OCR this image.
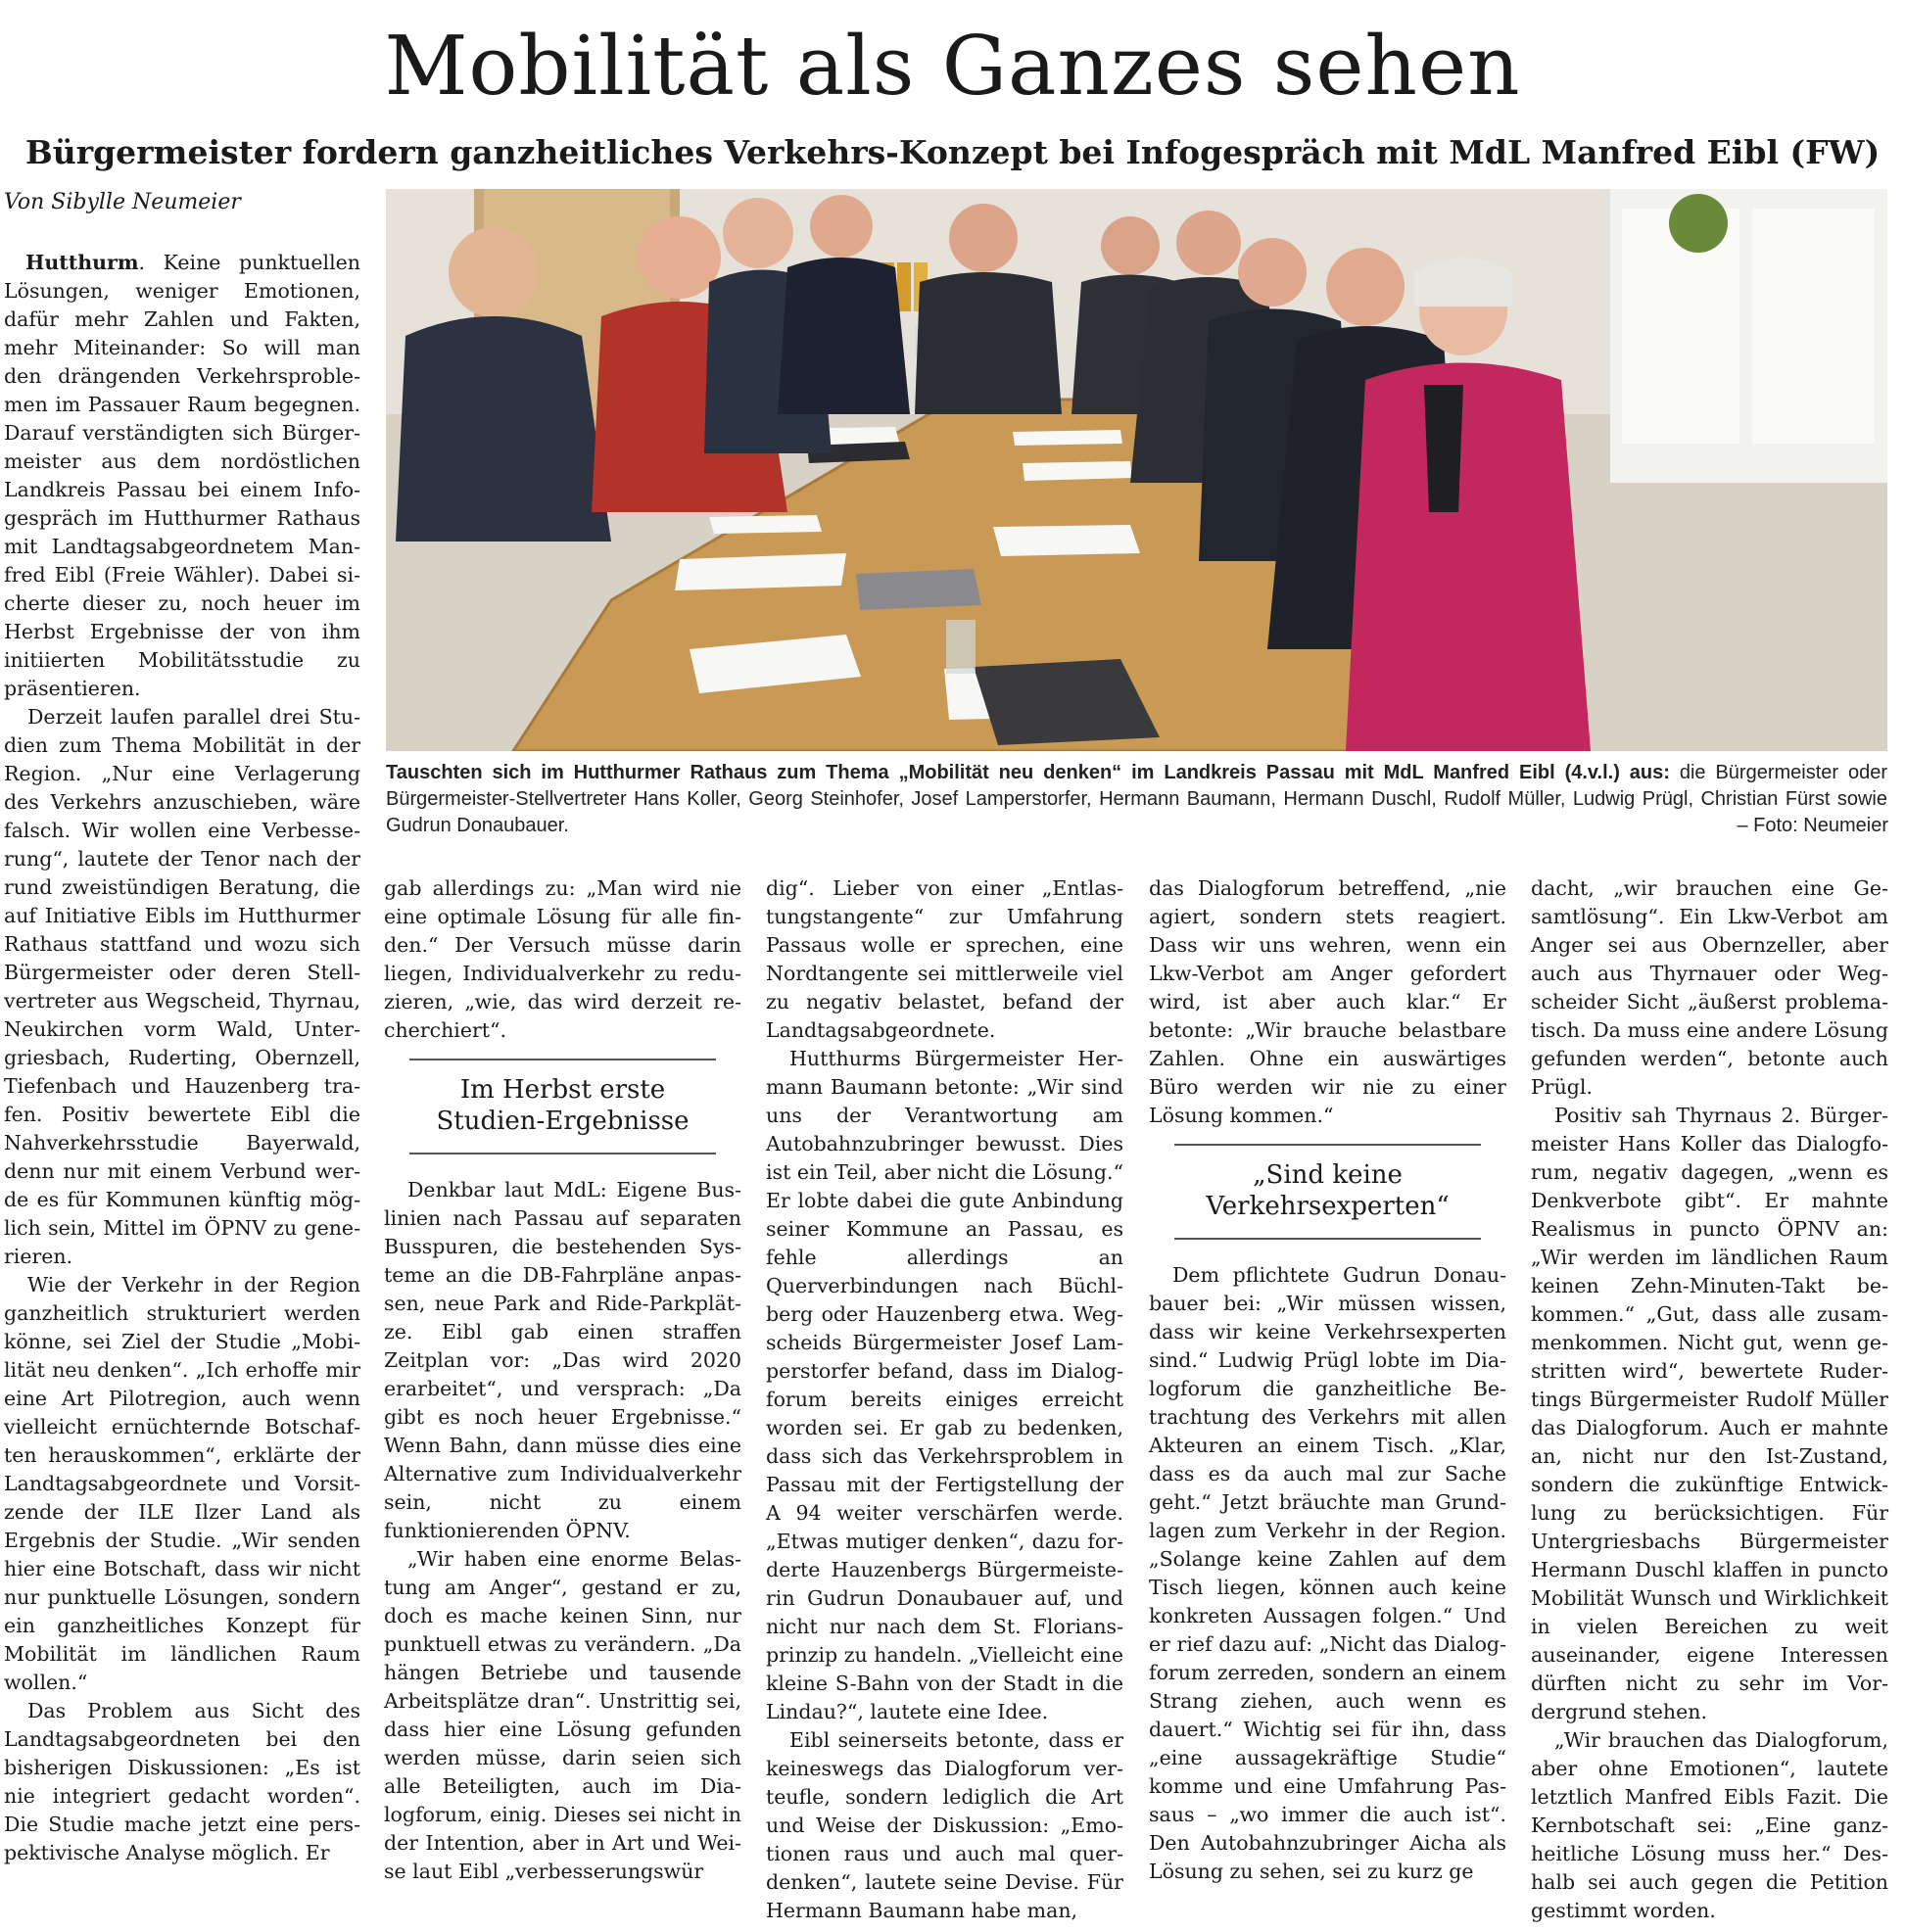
Mobilität als Ganzes sehen
Bürgermeister fordern ganzheitliches Verkehrs-Konzept bei Infogespräch mit MdL Manfred Eibl (FW)
Von Sibylle Neumeier

Hutthurm. Keine punktuellen Lösungen, weniger Emotionen, dafür mehr Zahlen und Fakten, mehr Miteinander: So will man den drängenden Verkehrsproblemen im Passauer Raum begegnen. Darauf verständigten sich Bürgermeister aus dem nordöstlichen Landkreis Passau bei einem Infogespräch im Hutthurmer Rathaus mit Landtagsabgeordnetem Manfred Eibl (Freie Wähler). Dabei sicherte dieser zu, noch heuer im Herbst Ergebnisse der von ihm initiierten Mobilitätsstudie zu präsentieren.

Derzeit laufen parallel drei Studien zum Thema Mobilität in der Region. „Nur eine Verlagerung des Verkehrs anzuschieben, wäre falsch. Wir wollen eine Verbesserung“, lautete der Tenor nach der rund zweistündigen Beratung, die auf Initiative Eibls im Hutthurmer Rathaus stattfand und wozu sich Bürgermeister oder deren Stellvertreter aus Wegscheid, Thyrnau, Neukirchen vorm Wald, Untergriesbach, Ruderting, Obernzell, Tiefenbach und Hauzenberg trafen. Positiv bewertete Eibl die Nahverkehrsstudie Bayerwald, denn nur mit einem Verbund werde es für Kommunen künftig möglich sein, Mittel im ÖPNV zu generieren.

Wie der Verkehr in der Region ganzheitlich strukturiert werden könne, sei Ziel der Studie „Mobilität neu denken“. „Ich erhoffe mir eine Art Pilotregion, auch wenn vielleicht ernüchternde Botschaften herauskommen“, erklärte der Landtagsabgeordnete und Vorsitzende der ILE Ilzer Land als Ergebnis der Studie. „Wir senden hier eine Botschaft, dass wir nicht nur punktuelle Lösungen, sondern ein ganzheitliches Konzept für Mobilität im ländlichen Raum wollen.“

Das Problem aus Sicht des Landtagsabgeordneten bei den bisherigen Diskussionen: „Es ist nie integriert gedacht worden“. Die Studie mache jetzt eine perspektivische Analyse möglich. Er

Tauschten sich im Hutthurmer Rathaus zum Thema „Mobilität neu denken“ im Landkreis Passau mit MdL Manfred Eibl (4.v.l.) aus: die Bürgermeister oder Bürgermeister-Stellvertreter Hans Koller, Georg Steinhofer, Josef Lamperstorfer, Hermann Baumann, Hermann Duschl, Rudolf Müller, Ludwig Prügl, Christian Fürst sowie Gudrun Donaubauer.	– Foto: Neumeier

gab allerdings zu: „Man wird nie eine optimale Lösung für alle finden.“ Der Versuch müsse darin liegen, Individualverkehr zu reduzieren, „wie, das wird derzeit recherchiert“.

Im Herbst erste Studien-Ergebnisse

Denkbar laut MdL: Eigene Buslinien nach Passau auf separaten Busspuren, die bestehenden Systeme an die DB-Fahrpläne anpassen, neue Park and Ride-Parkplätze. Eibl gab einen straffen Zeitplan vor: „Das wird 2020 erarbeitet“, und versprach: „Da gibt es noch heuer Ergebnisse.“ Wenn Bahn, dann müsse dies eine Alternative zum Individualverkehr sein, nicht zu einem funktionierenden ÖPNV.

„Wir haben eine enorme Belastung am Anger“, gestand er zu, doch es mache keinen Sinn, nur punktuell etwas zu verändern. „Da hängen Betriebe und tausende Arbeitsplätze dran“. Unstrittig sei, dass hier eine Lösung gefunden werden müsse, darin seien sich alle Beteiligten, auch im Dialogforum, einig. Dieses sei nicht in der Intention, aber in Art und Weise laut Eibl „verbesserungswür

dig“. Lieber von einer „Entlastungstangente“ zur Umfahrung Passaus wolle er sprechen, eine Nordtangente sei mittlerweile viel zu negativ belastet, befand der Landtagsabgeordnete.

Hutthurms Bürgermeister Hermann Baumann betonte: „Wir sind uns der Verantwortung am Autobahnzubringer bewusst. Dies ist ein Teil, aber nicht die Lösung.“ Er lobte dabei die gute Anbindung seiner Kommune an Passau, es fehle allerdings an Querverbindungen nach Büchlberg oder Hauzenberg etwa. Wegscheids Bürgermeister Josef Lamperstorfer befand, dass im Dialogforum bereits einiges erreicht worden sei. Er gab zu bedenken, dass sich das Verkehrsproblem in Passau mit der Fertigstellung der A 94 weiter verschärfen werde. „Etwas mutiger denken“, dazu forderte Hauzenbergs Bürgermeisterin Gudrun Donaubauer auf, und nicht nur nach dem St. Floriansprinzip zu handeln. „Vielleicht eine kleine S-Bahn von der Stadt in die Lindau?“, lautete eine Idee.

Eibl seinerseits betonte, dass er keineswegs das Dialogforum verteufle, sondern lediglich die Art und Weise der Diskussion: „Emotionen raus und auch mal querdenken“, lautete seine Devise. Für Hermann Baumann habe man,

das Dialogforum betreffend, „nie agiert, sondern stets reagiert. Dass wir uns wehren, wenn ein Lkw-Verbot am Anger gefordert wird, ist aber auch klar.“ Er betonte: „Wir brauche belastbare Zahlen. Ohne ein auswärtiges Büro werden wir nie zu einer Lösung kommen.“

„Sind keine Verkehrsexperten“

Dem pflichtete Gudrun Donaubauer bei: „Wir müssen wissen, dass wir keine Verkehrsexperten sind.“ Ludwig Prügl lobte im Dialogforum die ganzheitliche Betrachtung des Verkehrs mit allen Akteuren an einem Tisch. „Klar, dass es da auch mal zur Sache geht.“ Jetzt bräuchte man Grundlagen zum Verkehr in der Region. „Solange keine Zahlen auf dem Tisch liegen, können auch keine konkreten Aussagen folgen.“ Und er rief dazu auf: „Nicht das Dialogforum zerreden, sondern an einem Strang ziehen, auch wenn es dauert.“ Wichtig sei für ihn, dass „eine aussagekräftige Studie“ komme und eine Umfahrung Passaus – „wo immer die auch ist“. Den Autobahnzubringer Aicha als Lösung zu sehen, sei zu kurz ge

dacht, „wir brauchen eine Gesamtlösung“. Ein Lkw-Verbot am Anger sei aus Obernzeller, aber auch aus Thyrnauer oder Wegscheider Sicht „äußerst problematisch. Da muss eine andere Lösung gefunden werden“, betonte auch Prügl.

Positiv sah Thyrnaus 2. Bürgermeister Hans Koller das Dialogforum, negativ dagegen, „wenn es Denkverbote gibt“. Er mahnte Realismus in puncto ÖPNV an: „Wir werden im ländlichen Raum keinen Zehn-Minuten-Takt bekommen.“ „Gut, dass alle zusammenkommen. Nicht gut, wenn gestritten wird“, bewertete Rudertings Bürgermeister Rudolf Müller das Dialogforum. Auch er mahnte an, nicht nur den Ist-Zustand, sondern die zukünftige Entwicklung zu berücksichtigen. Für Untergriesbachs Bürgermeister Hermann Duschl klaffen in puncto Mobilität Wunsch und Wirklichkeit in vielen Bereichen zu weit auseinander, eigene Interessen dürften nicht zu sehr im Vordergrund stehen.

„Wir brauchen das Dialogforum, aber ohne Emotionen“, lautete letztlich Manfred Eibls Fazit. Die Kernbotschaft sei: „Eine ganzheitliche Lösung muss her.“ Deshalb sei auch gegen die Petition gestimmt worden.
